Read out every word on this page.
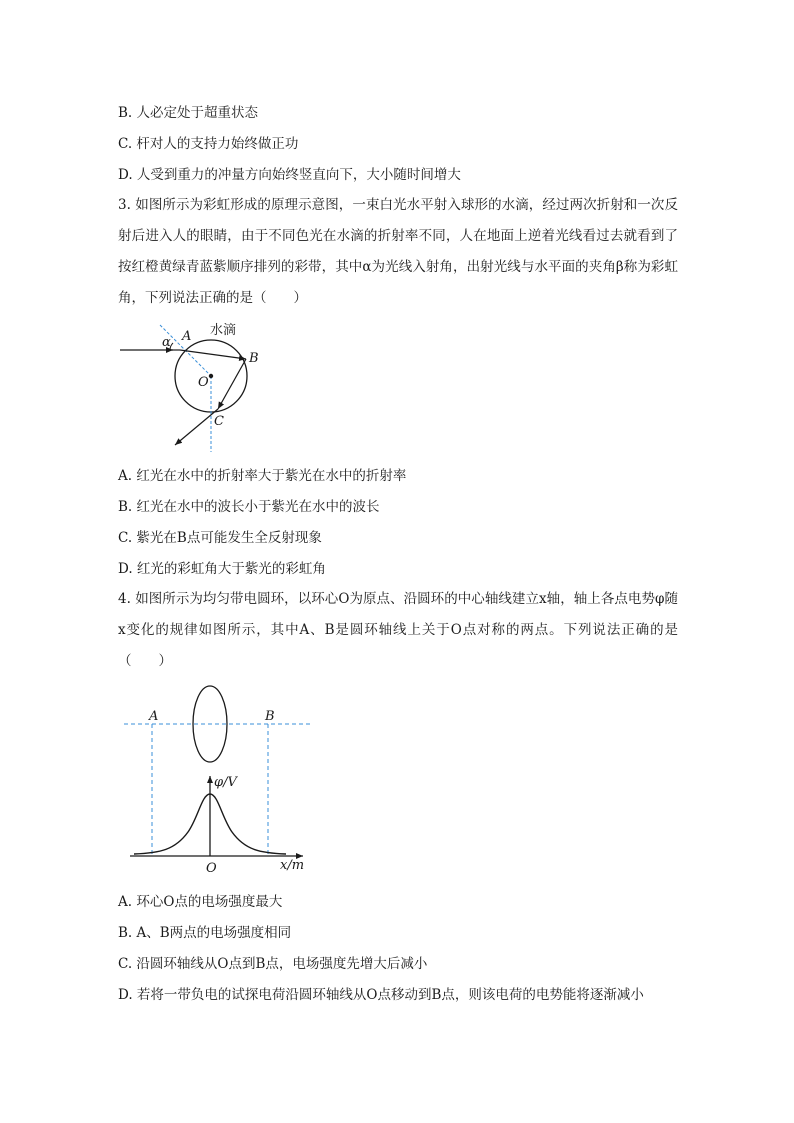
B. 人必定处于超重状态
C. 杆对人的支持力始终做正功
D. 人受到重力的冲量方向始终竖直向下，大小随时间增大
3. 如图所示为彩虹形成的原理示意图，一束白光水平射入球形的水滴，经过两次折射和一次反射后进入人的眼睛，由于不同色光在水滴的折射率不同，人在地面上逆着光线看过去就看到了按红橙黄绿青蓝紫顺序排列的彩带，其中α为光线入射角，出射光线与水平面的夹角β称为彩虹角，下列说法正确的是（　　）
水滴
α A
B
O
C
A. 红光在水中的折射率大于紫光在水中的折射率
B. 红光在水中的波长小于紫光在水中的波长
C. 紫光在B点可能发生全反射现象
D. 红光的彩虹角大于紫光的彩虹角
4. 如图所示为均匀带电圆环，以环心O为原点、沿圆环的中心轴线建立x轴，轴上各点电势φ随x变化的规律如图所示，其中A、B是圆环轴线上关于O点对称的两点。下列说法正确的是（　　）
A	B
φ/V
x/m
O
A. 环心O点的电场强度最大
B. A、B两点的电场强度相同
C. 沿圆环轴线从O点到B点，电场强度先增大后减小
D. 若将一带负电的试探电荷沿圆环轴线从O点移动到B点，则该电荷的电势能将逐渐减小
